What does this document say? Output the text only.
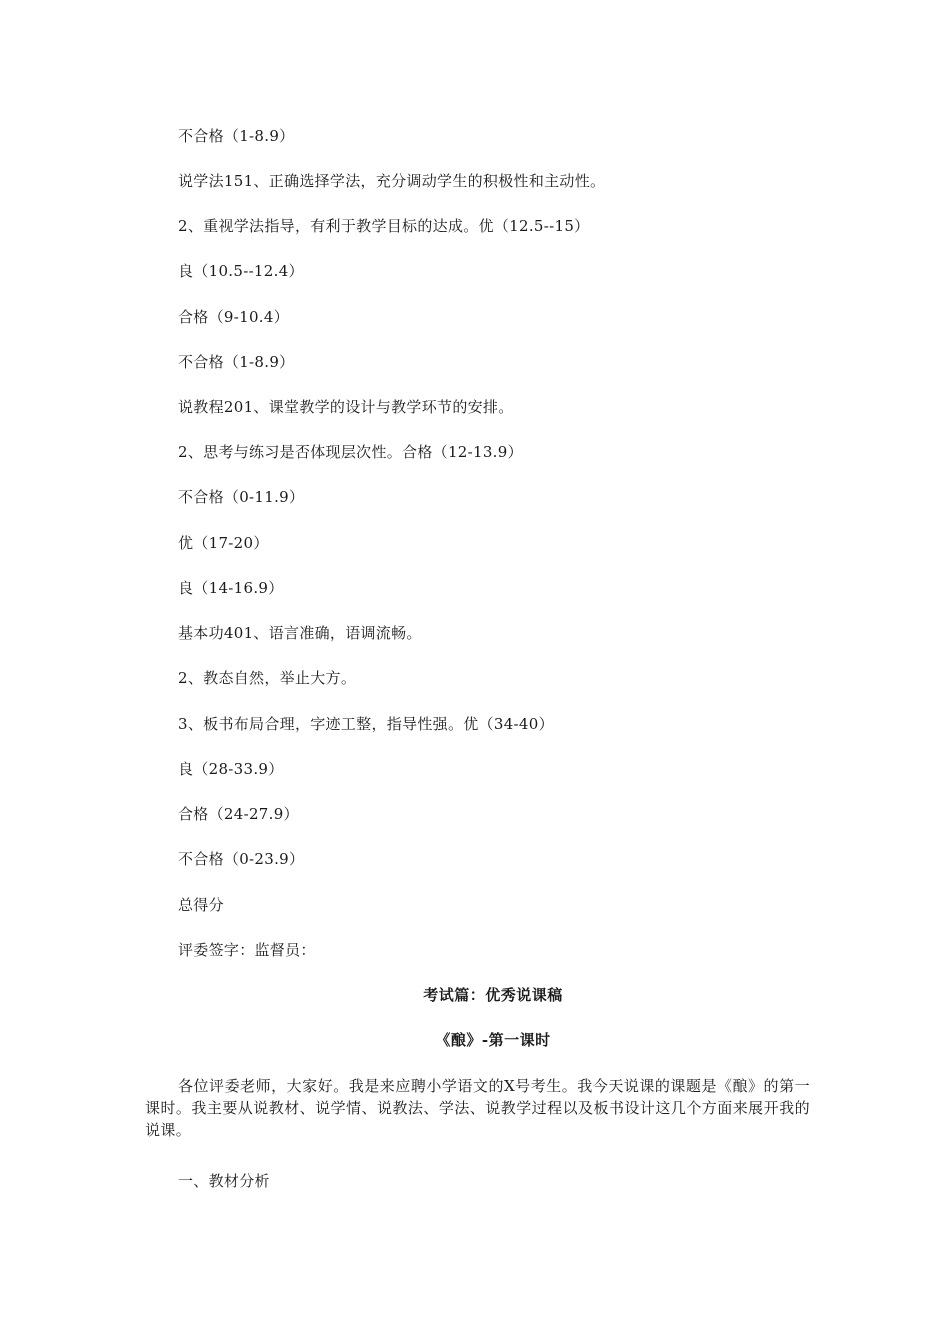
不合格（1-8.9）
说学法151、正确选择学法，充分调动学生的积极性和主动性。
2、重视学法指导，有利于教学目标的达成。优（12.5--15）
良（10.5--12.4）
合格（9-10.4）
不合格（1-8.9）
说教程201、课堂教学的设计与教学环节的安排。
2、思考与练习是否体现层次性。合格（12-13.9）
不合格（0-11.9）
优（17-20）
良（14-16.9）
基本功401、语言准确，语调流畅。
2、教态自然，举止大方。
3、板书布局合理，字迹工整，指导性强。优（34-40）
良（28-33.9）
合格（24-27.9）
不合格（0-23.9）
总得分
评委签字：监督员：
考试篇：优秀说课稿
《酿》-第一课时
各位评委老师，大家好。我是来应聘小学语文的X号考生。我今天说课的课题是《酿》的第一课时。我主要从说教材、说学情、说教法、学法、说教学过程以及板书设计这几个方面来展开我的说课。
一、教材分析
